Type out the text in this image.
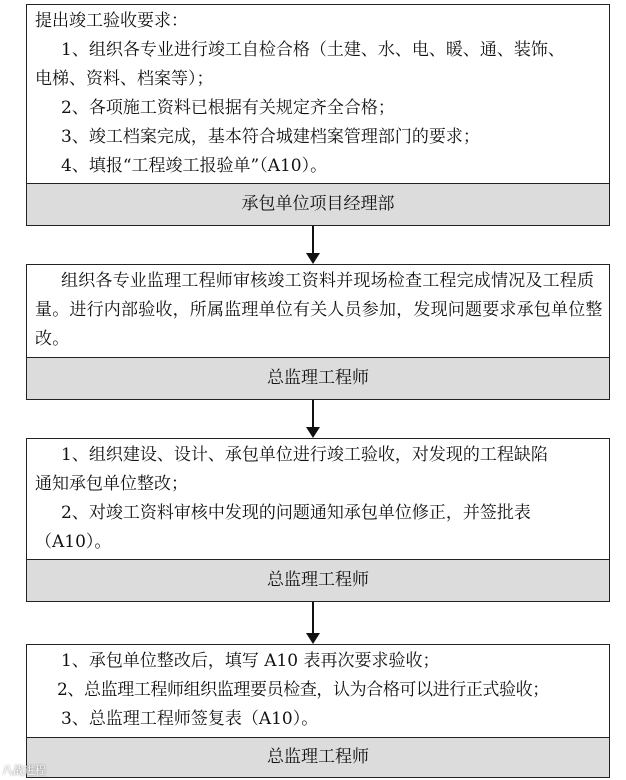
提出竣工验收要求：
1、组织各专业进行竣工自检合格（土建、水、电、暖、通、装饰、
电梯、资料、档案等）；
2、各项施工资料已根据有关规定齐全合格；
3、竣工档案完成，基本符合城建档案管理部门的要求；
4、填报“工程竣工报验单”（A10）。
承包单位项目经理部
组织各专业监理工程师审核竣工资料并现场检查工程完成情况及工程质量。进行内部验收，所属监理单位有关人员参加，发现问题要求承包单位整改。
总监理工程师
1、组织建设、设计、承包单位进行竣工验收，对发现的工程缺陷
通知承包单位整改；
2、对竣工资料审核中发现的问题通知承包单位修正，并签批表
（A10）。
总监理工程师
1、承包单位整改后，填写 A10 表再次要求验收；
2、总监理工程师组织监理要员检查，认为合格可以进行正式验收；
3、总监理工程师签复表（A10）。
总监理工程师
八战进程
